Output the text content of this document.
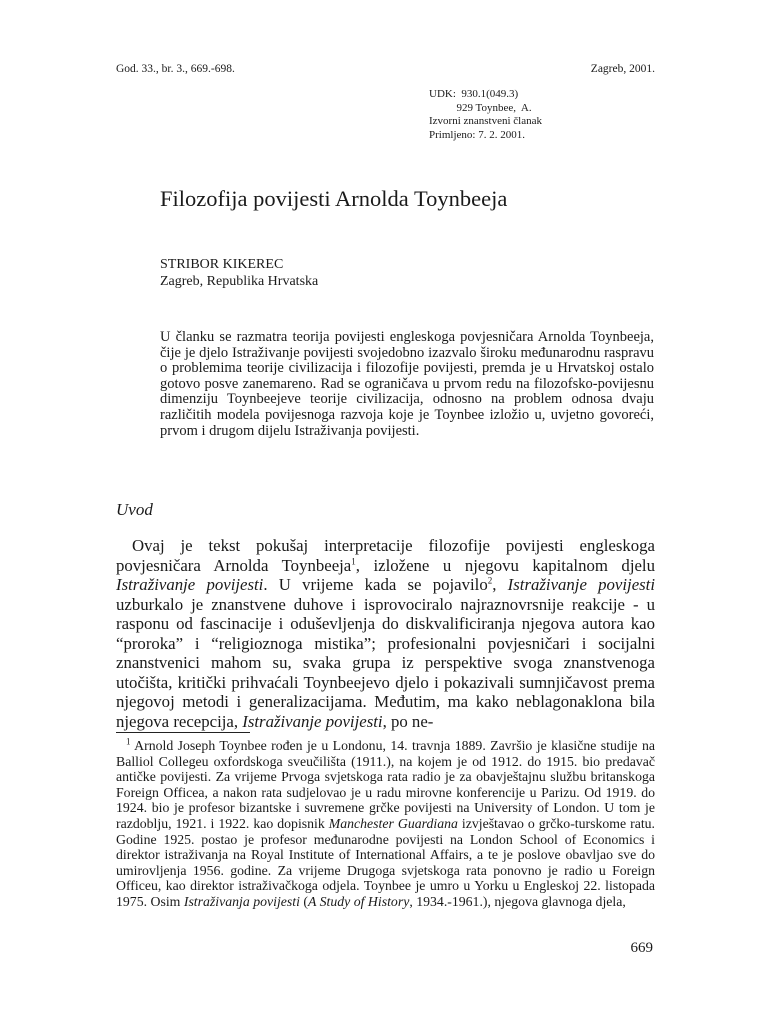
God. 33., br. 3., 669.-698.	Zagreb, 2001.
UDK:  930.1(049.3)
929 Toynbee,  A.
Izvorni znanstveni članak
Primljeno: 7. 2. 2001.
Filozofija povijesti Arnolda Toynbeeja
STRIBOR KIKEREC
Zagreb, Republika Hrvatska
U članku se razmatra teorija povijesti engleskoga povjesničara Arnolda Toynbeeja, čije je djelo Istraživanje povijesti svojedobno izazvalo široku međunarodnu raspravu o problemima teorije civilizacija i filozofije povijesti, premda je u Hrvatskoj ostalo gotovo posve zanemareno. Rad se ograničava u prvom redu na filozofsko-povijesnu dimenziju Toynbeejeve teorije civilizacija, odnosno na problem odnosa dvaju različitih modela povijesnoga razvoja koje je Toynbee izložio u, uvjetno govoreći, prvom i drugom dijelu Istraživanja povijesti.
Uvod

Ovaj je tekst pokušaj interpretacije filozofije povijesti engleskoga povjesničara Arnolda Toynbeeja$^1$, izložene u njegovu kapitalnom djelu Istraživanje povijesti. U vrijeme kada se pojavilo$^2$, Istraživanje povijesti uzburkalo je znanstvene duhove i isprovociralo najraznovrsnije reakcije - u rasponu od fascinacije i oduševljenja do diskvalificiranja njegova autora kao “proroka” i “religioznoga mistika”; profesionalni povjesničari i socijalni znanstvenici mahom su, svaka grupa iz perspektive svoga znanstvenoga utočišta, kritički prihvaćali Toynbeejevo djelo i pokazivali sumnjičavost prema njegovoj metodi i generalizacijama. Međutim, ma kako neblagonaklona bila njegova recepcija, Istraživanje povijesti, po ne-

$^1$ Arnold Joseph Toynbee rođen je u Londonu, 14. travnja 1889. Završio je klasične studije na Balliol Collegeu oxfordskoga sveučilišta (1911.), na kojem je od 1912. do 1915. bio predavač antičke povijesti. Za vrijeme Prvoga svjetskoga rata radio je za obavještajnu službu britanskoga Foreign Officea, a nakon rata sudjelovao je u radu mirovne konferencije u Parizu. Od 1919. do 1924. bio je profesor bizantske i suvremene grčke povijesti na University of London. U tom je razdoblju, 1921. i 1922. kao dopisnik Manchester Guardiana izvještavao o grčko-turskome ratu. Godine 1925. postao je profesor međunarodne povijesti na London School of Economics i direktor istraživanja na Royal Institute of International Affairs, a te je poslove obavljao sve do umirovljenja 1956. godine. Za vrijeme Drugoga svjetskoga rata ponovno je radio u Foreign Officeu, kao direktor istraživačkoga odjela. Toynbee je umro u Yorku u Engleskoj 22. listopada 1975. Osim Istraživanja povijesti (A Study of History, 1934.-1961.), njegova glavnoga djela,

669
